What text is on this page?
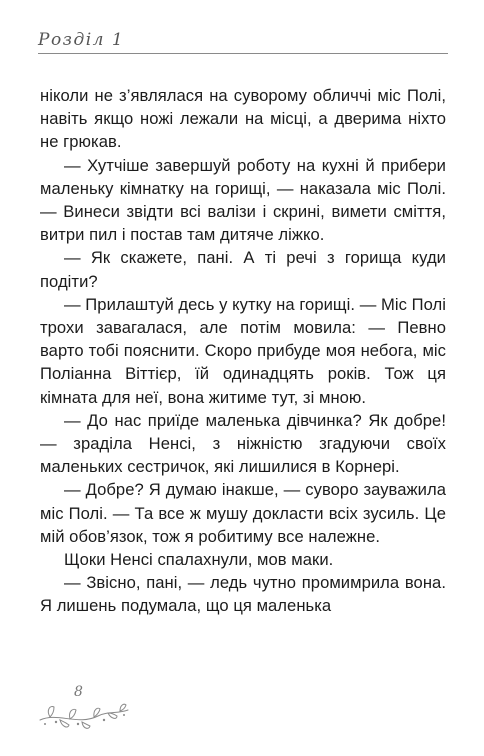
Розділ 1

ніколи не з’являлася на суворому обличчі міс Полі, навіть якщо ножі лежали на місці, а дверима ніхто не грюкав.

— Хутчіше завершуй роботу на кухні й прибери маленьку кімнатку на горищі, — наказала міс Полі. — Винеси звідти всі валізи і скрині, вимети сміття, витри пил і постав там дитяче ліжко.

— Як скажете, пані. А ті речі з горища куди подіти?

— Прилаштуй десь у кутку на горищі. — Міс Полі трохи завагалася, але потім мовила: — Певно варто тобі пояснити. Скоро прибуде моя небога, міс Поліанна Віттієр, їй одинадцять років. Тож ця кімната для неї, вона житиме тут, зі мною.

— До нас приїде маленька дівчинка? Як добре! — зраділа Ненсі, з ніжністю згадуючи своїх маленьких сестричок, які лишилися в Корнері.

— Добре? Я думаю інакше, — суворо зауважила міс Полі. — Та все ж мушу докласти всіх зусиль. Це мій обов’язок, тож я робитиму все належне.

Щоки Ненсі спалахнули, мов маки.

— Звісно, пані, — ледь чутно промимрила вона. Я лишень подумала, що ця маленька

8
